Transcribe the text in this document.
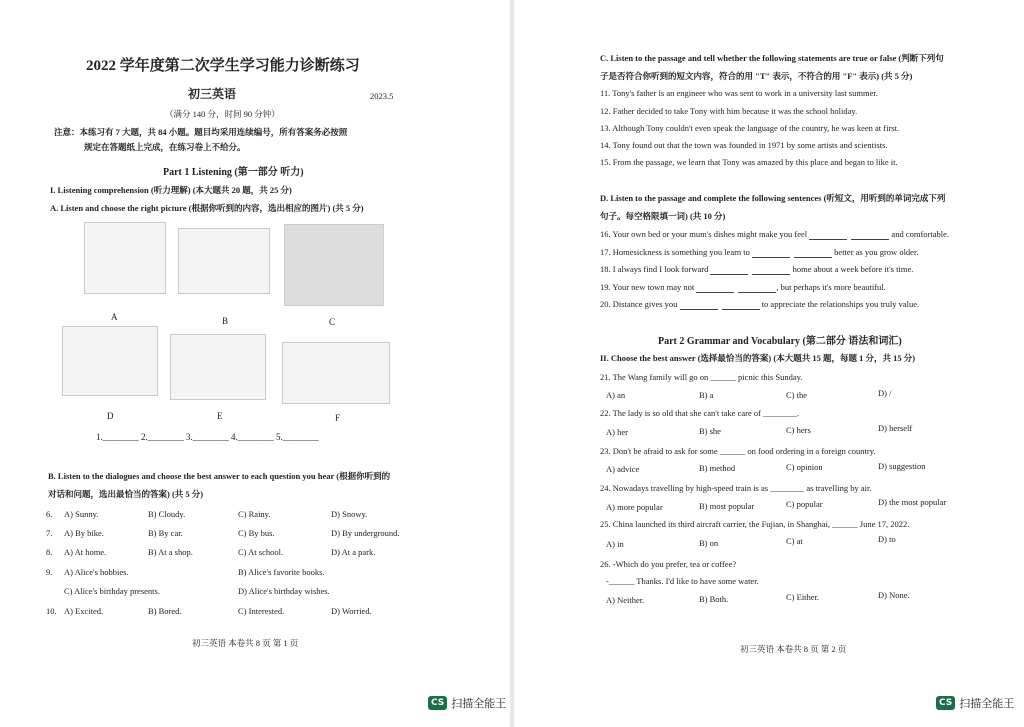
2022 学年度第二次学生学习能力诊断练习
初三英语	2023.5
（满分 140 分，时间 90 分钟）
注意：本练习有 7 大题，共 84 小题。题目均采用连续编号，所有答案务必按照
规定在答题纸上完成，在练习卷上不给分。
Part 1 Listening (第一部分 听力)
I. Listening comprehension (听力理解) (本大题共 20 题，共 25 分)
A. Listen and choose the right picture (根据你听到的内容，选出相应的图片) (共 5 分)
A	B	C
D	E	F
1.________ 2.________ 3.________ 4.________ 5.________
B. Listen to the dialogues and choose the best answer to each question you hear (根据你听到的
对话和问题，选出最恰当的答案) (共 5 分)
6. A) Sunny.	B) Cloudy.	C) Rainy.	D) Snowy.
7. A) By bike.	B) By car.	C) By bus.	D) By underground.
8. A) At home.	B) At a shop.	C) At school.	D) At a park.
9. A) Alice's hobbies.	B) Alice's favorite books.
C) Alice's birthday presents.	D) Alice's birthday wishes.
10. A) Excited.	B) Bored.	C) Interested.	D) Worried.
初三英语 本卷共 8 页 第 1 页
CS 扫描全能王
C. Listen to the passage and tell whether the following statements are true or false (判断下列句
子是否符合你听到的短文内容，符合的用 "T" 表示，不符合的用 "F" 表示) (共 5 分)
11. Tony's father is an engineer who was sent to work in a university last summer.
12. Father decided to take Tony with him because it was the school holiday.
13. Although Tony couldn't even speak the language of the country, he was keen at first.
14. Tony found out that the town was founded in 1971 by some artists and scientists.
15. From the passage, we learn that Tony was amazed by this place and began to like it.
D. Listen to the passage and complete the following sentences (听短文，用听到的单词完成下列
句子。每空格限填一词) (共 10 分)
16. Your own bed or your mum's dishes might make you feel	and comfortable.
17. Homesickness is something you learn to	better as you grow older.
18. I always find I look forward	home about a week before it's time.
19. Your new town may not	, but perhaps it's more beautiful.
20. Distance gives you	to appreciate the relationships you truly value.
Part 2 Grammar and Vocabulary (第二部分 语法和词汇)
II. Choose the best answer (选择最恰当的答案) (本大题共 15 题，每题 1 分，共 15 分)
21. The Wang family will go on ______ picnic this Sunday.
A) an	B) a	C) the	D) /
22. The lady is so old that she can't take care of ________.
A) her	B) she	C) hers	D) herself
23. Don't be afraid to ask for some ______ on food ordering in a foreign country.
A) advice	B) method	C) opinion	D) suggestion
24. Nowadays travelling by high-speed train is as ________ as travelling by air.
A) more popular	B) most popular	C) popular	D) the most popular
25. China launched its third aircraft carrier, the Fujian, in Shanghai, ______ June 17, 2022.
A) in	B) on	C) at	D) to
26. -Which do you prefer, tea or coffee?
-______ Thanks. I'd like to have some water.
A) Neither.	B) Both.	C) Either.	D) None.
初三英语 本卷共 8 页 第 2 页
CS 扫描全能王
